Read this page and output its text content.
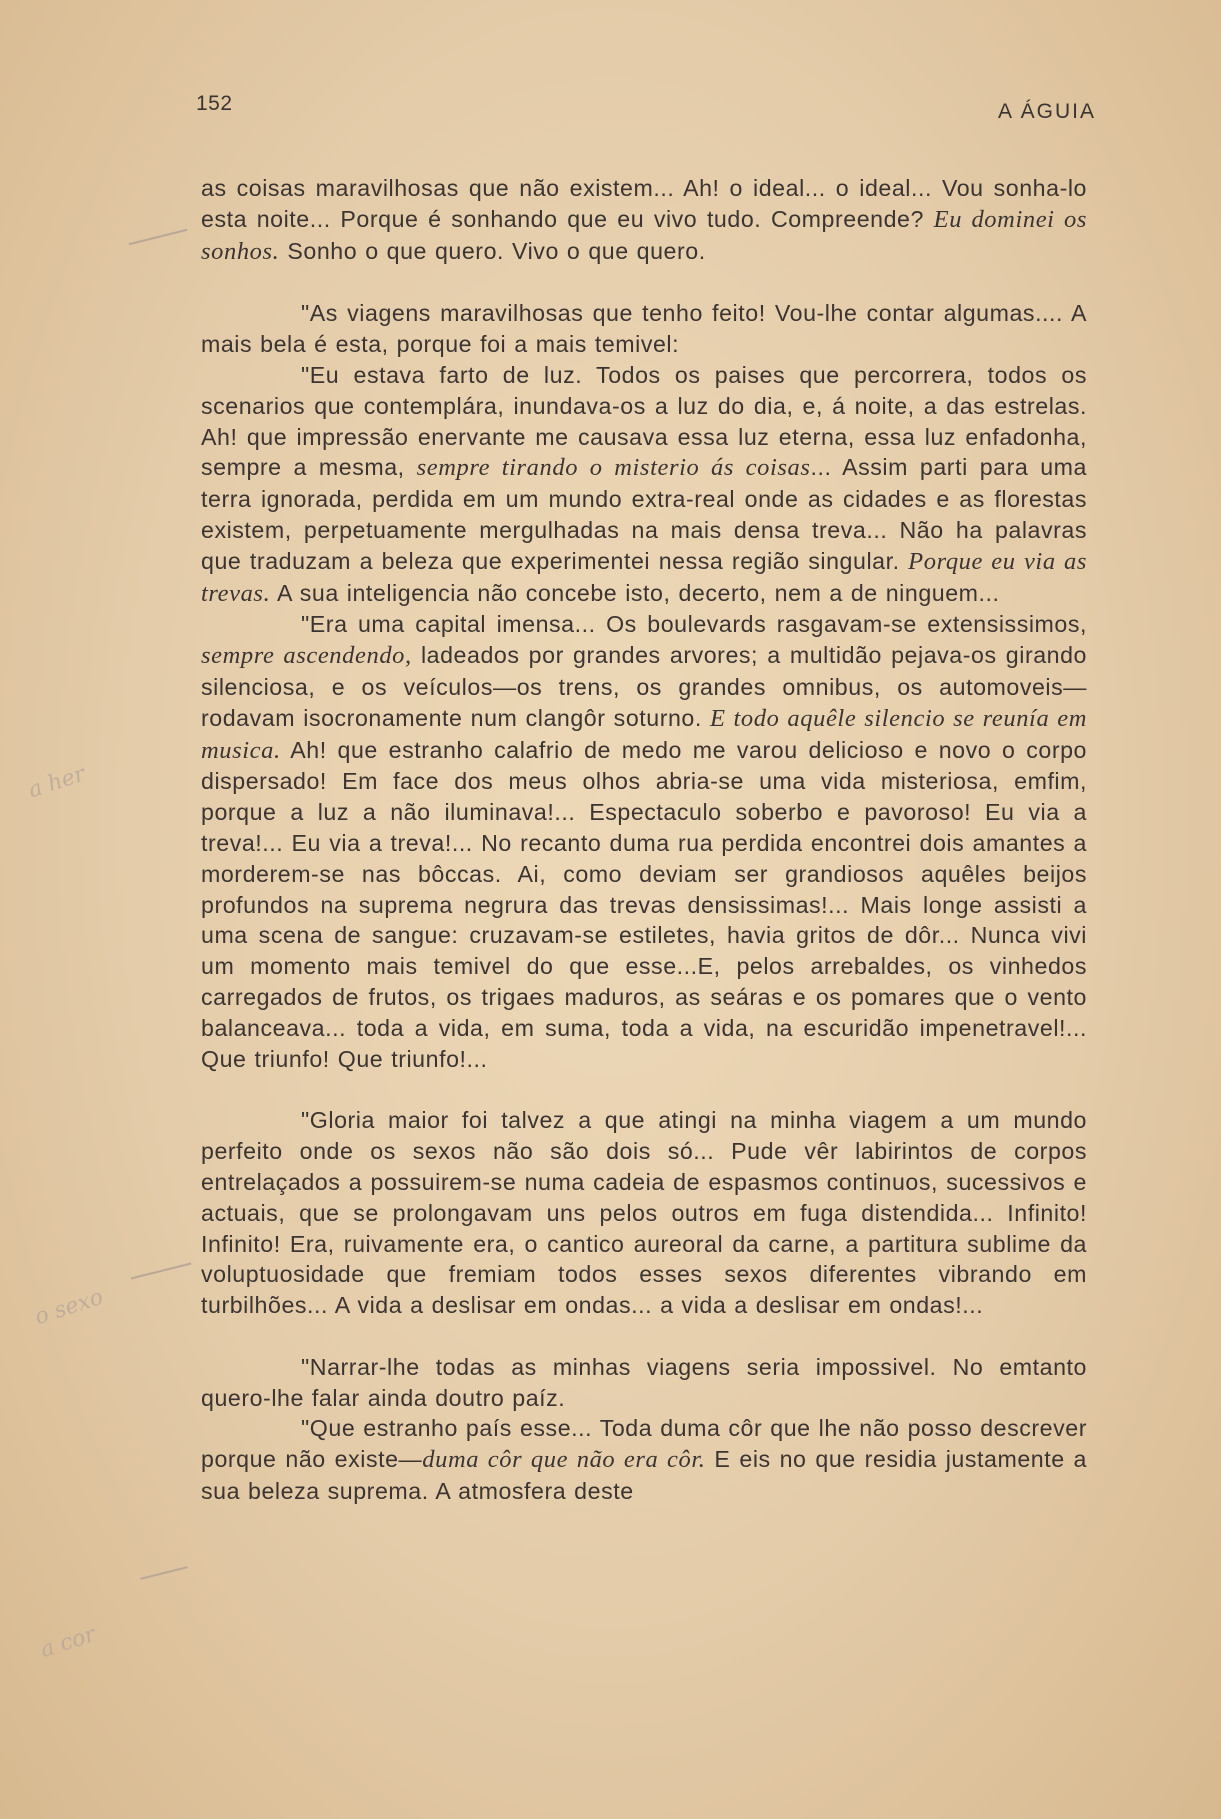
152	A ÁGUIA

as coisas maravilhosas que não existem... Ah! o ideal... o ideal... Vou sonha-lo esta noite... Porque é sonhando que eu vivo tudo. Compreende? Eu dominei os sonhos. Sonho o que quero. Vivo o que quero.

"As viagens maravilhosas que tenho feito! Vou-lhe contar algumas.... A mais bela é esta, porque foi a mais temivel:

"Eu estava farto de luz. Todos os paises que percorrera, todos os scenarios que contemplára, inundava-os a luz do dia, e, á noite, a das estrelas. Ah! que impressão enervante me causava essa luz eterna, essa luz enfadonha, sempre a mesma, sempre tirando o misterio ás coisas... Assim parti para uma terra ignorada, perdida em um mundo extra-real onde as cidades e as florestas existem, perpetuamente mergulhadas na mais densa treva... Não ha palavras que traduzam a beleza que experimentei nessa região singular. Porque eu via as trevas. A sua inteligencia não concebe isto, decerto, nem a de ninguem...

"Era uma capital imensa... Os boulevards rasgavam-se extensissimos, sempre ascendendo, ladeados por grandes arvores; a multidão pejava-os girando silenciosa, e os veículos—os trens, os grandes omnibus, os automoveis—rodavam isocronamente num clangôr soturno. E todo aquêle silencio se reunía em musica. Ah! que estranho calafrio de medo me varou delicioso e novo o corpo dispersado! Em face dos meus olhos abria-se uma vida misteriosa, emfim, porque a luz a não iluminava!... Espectaculo soberbo e pavoroso! Eu via a treva!... Eu via a treva!... No recanto duma rua perdida encontrei dois amantes a morderem-se nas bôccas. Ai, como deviam ser grandiosos aquêles beijos profundos na suprema negrura das trevas densissimas!... Mais longe assisti a uma scena de sangue: cruzavam-se estiletes, havia gritos de dôr... Nunca vivi um momento mais temivel do que esse...E, pelos arrebaldes, os vinhedos carregados de frutos, os trigaes maduros, as seáras e os pomares que o vento balanceava... toda a vida, em suma, toda a vida, na escuridão impenetravel!... Que triunfo! Que triunfo!...

"Gloria maior foi talvez a que atingi na minha viagem a um mundo perfeito onde os sexos não são dois só... Pude vêr labirintos de corpos entrelaçados a possuirem-se numa cadeia de espasmos continuos, sucessivos e actuais, que se prolongavam uns pelos outros em fuga distendida... Infinito! Infinito! Era, ruivamente era, o cantico aureoral da carne, a partitura sublime da voluptuosidade que fremiam todos esses sexos diferentes vibrando em turbilhões... A vida a deslisar em ondas... a vida a deslisar em ondas!...

"Narrar-lhe todas as minhas viagens seria impossivel. No emtanto quero-lhe falar ainda doutro paíz.

"Que estranho país esse... Toda duma côr que lhe não posso descrever porque não existe—duma côr que não era côr. E eis no que residia justamente a sua beleza suprema. A atmosfera deste

a her
o sexo
a cor
